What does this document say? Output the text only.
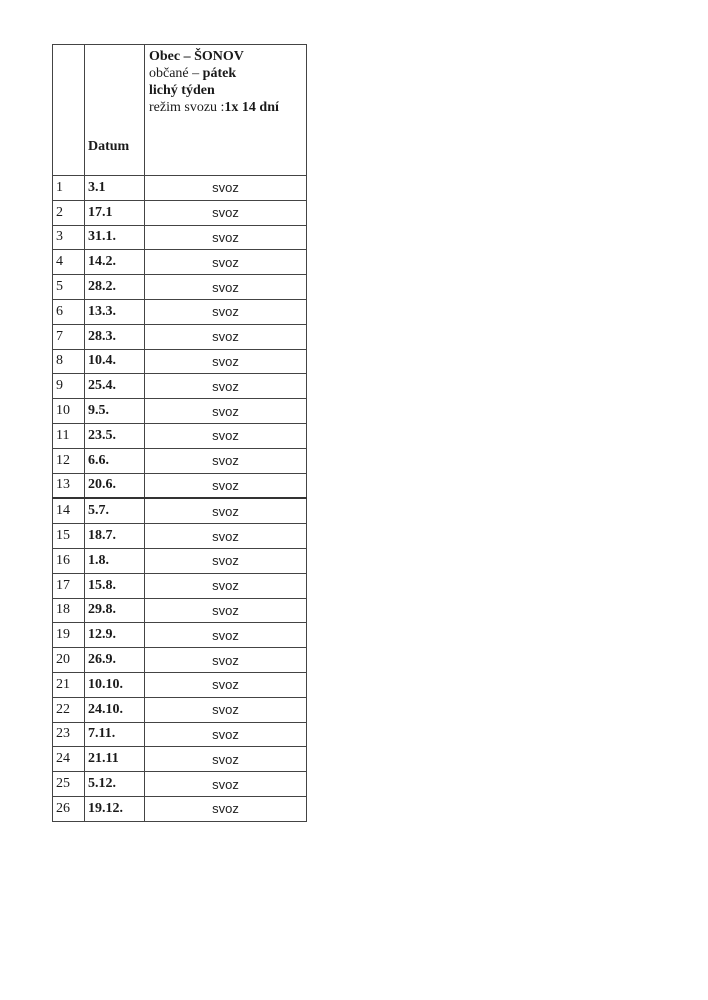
	Datum	Obec – ŠONOV
občané – pátek
lichý týden
režim svozu :1x 14 dní

1	3.1	svoz
2	17.1	svoz
3	31.1.	svoz
4	14.2.	svoz
5	28.2.	svoz
6	13.3.	svoz
7	28.3.	svoz
8	10.4.	svoz
9	25.4.	svoz
10	9.5.	svoz
11	23.5.	svoz
12	6.6.	svoz
13	20.6.	svoz
14	5.7.	svoz
15	18.7.	svoz
16	1.8.	svoz
17	15.8.	svoz
18	29.8.	svoz
19	12.9.	svoz
20	26.9.	svoz
21	10.10.	svoz
22	24.10.	svoz
23	7.11.	svoz
24	21.11	svoz
25	5.12.	svoz
26	19.12.	svoz
